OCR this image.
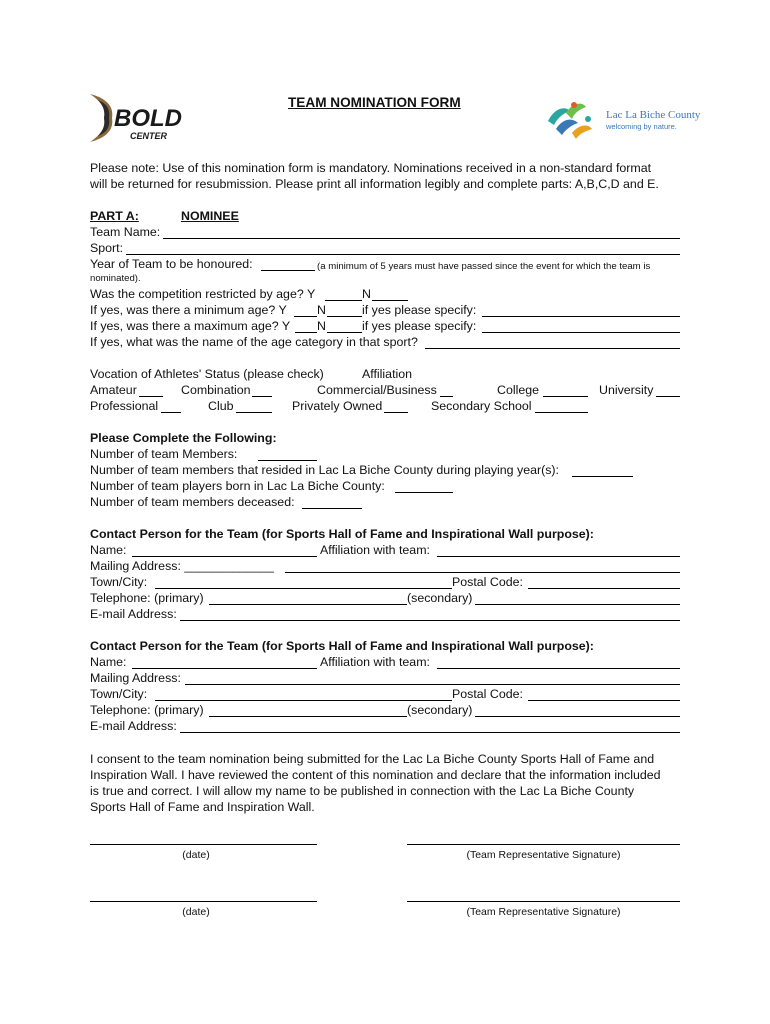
BOLD
CENTER
TEAM NOMINATION FORM
Lac La Biche County
welcoming by nature.
Please note: Use of this nomination form is mandatory. Nominations received in a non-standard format
will be returned for resubmission. Please print all information legibly and complete parts: A,B,C,D and E.
PART A:	NOMINEE
Team Name:
Sport:
Year of Team to be honoured:	(a minimum of 5 years must have passed since the event for which the team is
nominated).
Was the competition restricted by age? Y	N
If yes, was there a minimum age? Y N	if yes please specify:
If yes, was there a maximum age? Y N	if yes please specify:
If yes, what was the name of the age category in that sport?
Vocation of Athletes' Status (please check)	Affiliation
Amateur	Combination	Commercial/Business	College	University
Professional	Club	Privately Owned	Secondary School
Please Complete the Following:
Number of team Members:
Number of team members that resided in Lac La Biche County during playing year(s):
Number of team players born in Lac La Biche County:
Number of team members deceased:
Contact Person for the Team (for Sports Hall of Fame and Inspirational Wall purpose):
Name:	Affiliation with team:
Mailing Address: _____________
Town/City:	Postal Code:
Telephone: (primary)	(secondary)
E-mail Address:
Contact Person for the Team (for Sports Hall of Fame and Inspirational Wall purpose):
Name:	Affiliation with team:
Mailing Address:
Town/City:	Postal Code:
Telephone: (primary)	(secondary)
E-mail Address:
I consent to the team nomination being submitted for the Lac La Biche County Sports Hall of Fame and
Inspiration Wall. I have reviewed the content of this nomination and declare that the information included
is true and correct. I will allow my name to be published in connection with the Lac La Biche County
Sports Hall of Fame and Inspiration Wall.
(date)	(Team Representative Signature)
(date)	(Team Representative Signature)
